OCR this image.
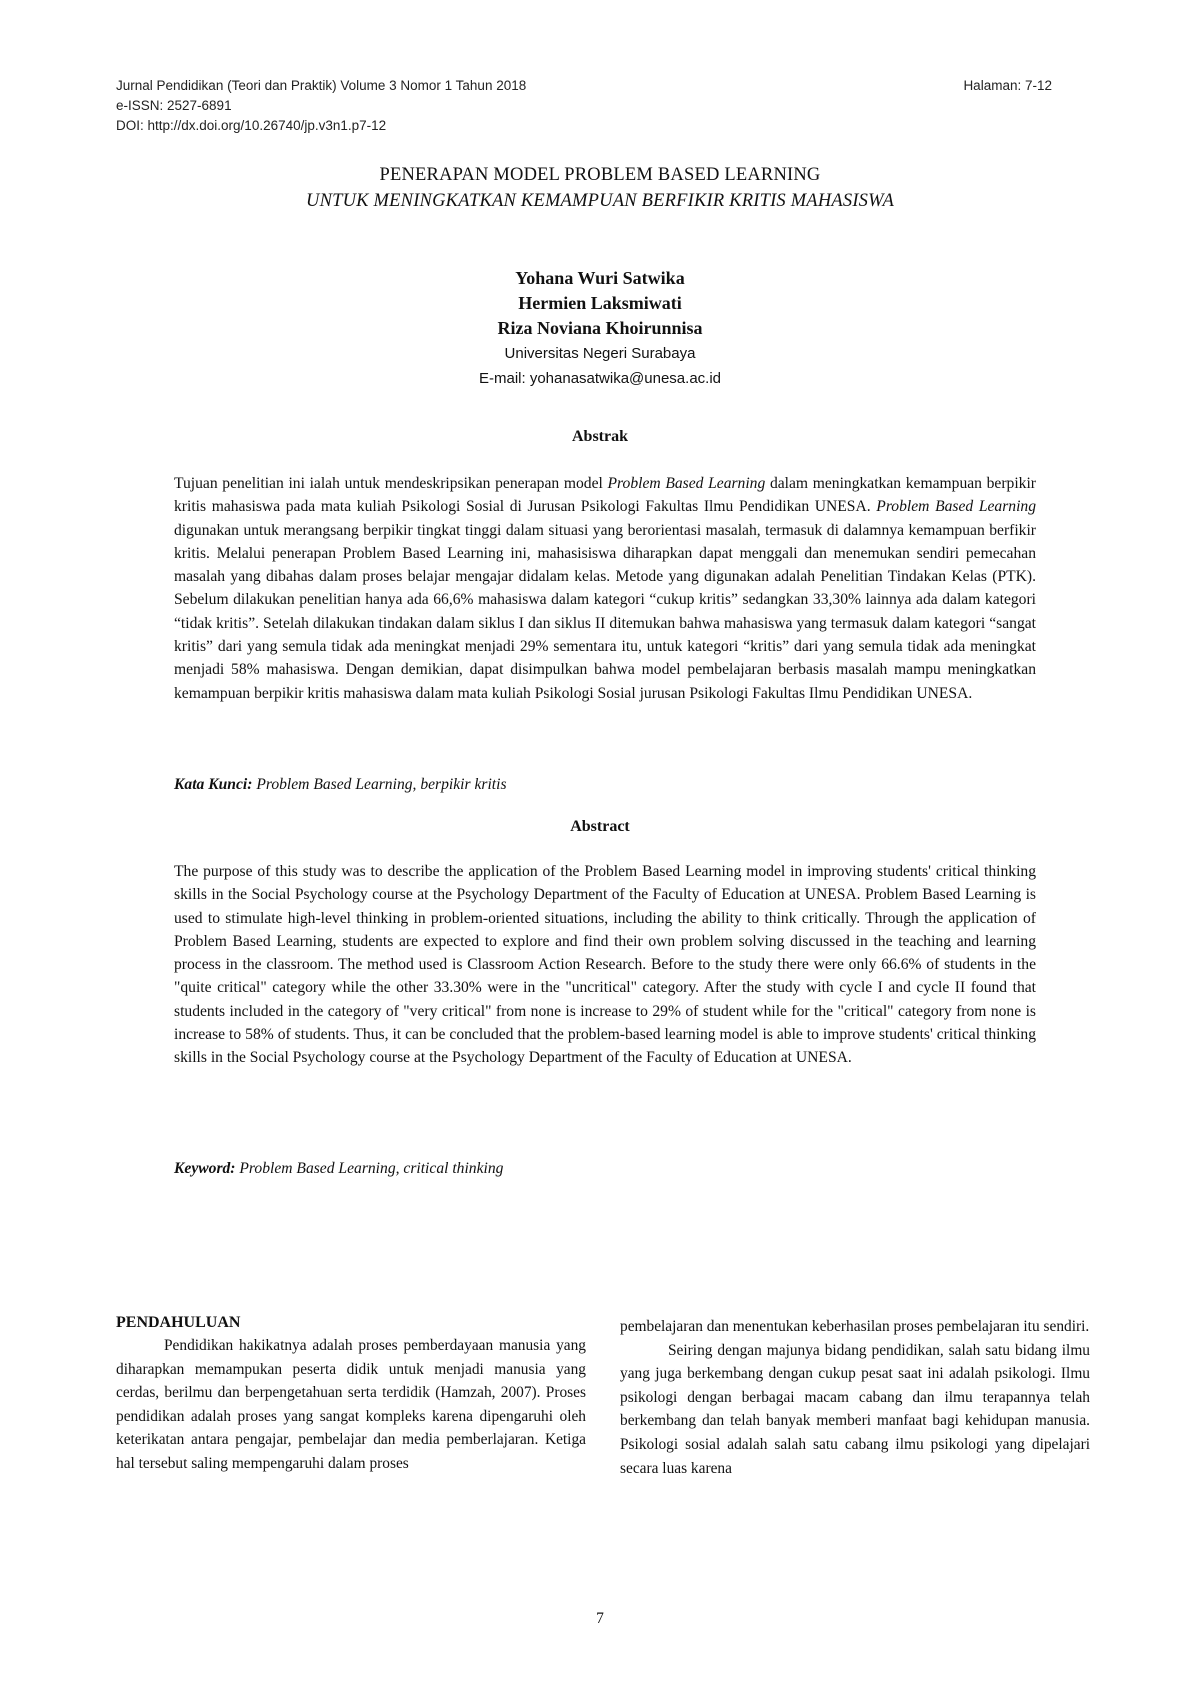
Jurnal Pendidikan (Teori dan Praktik) Volume 3 Nomor 1 Tahun 2018
e-ISSN: 2527-6891
DOI: http://dx.doi.org/10.26740/jp.v3n1.p7-12
Halaman: 7-12
PENERAPAN MODEL PROBLEM BASED LEARNING
UNTUK MENINGKATKAN KEMAMPUAN BERFIKIR KRITIS MAHASISWA
Yohana Wuri Satwika
Hermien Laksmiwati
Riza Noviana Khoirunnisa
Universitas Negeri Surabaya
E-mail: yohanasatwika@unesa.ac.id
Abstrak

Tujuan penelitian ini ialah untuk mendeskripsikan penerapan model Problem Based Learning dalam meningkatkan kemampuan berpikir kritis mahasiswa pada mata kuliah Psikologi Sosial di Jurusan Psikologi Fakultas Ilmu Pendidikan UNESA. Problem Based Learning digunakan untuk merangsang berpikir tingkat tinggi dalam situasi yang berorientasi masalah, termasuk di dalamnya kemampuan berfikir kritis. Melalui penerapan Problem Based Learning ini, mahasisiswa diharapkan dapat menggali dan menemukan sendiri pemecahan masalah yang dibahas dalam proses belajar mengajar didalam kelas. Metode yang digunakan adalah Penelitian Tindakan Kelas (PTK). Sebelum dilakukan penelitian hanya ada 66,6% mahasiswa dalam kategori “cukup kritis” sedangkan 33,30% lainnya ada dalam kategori “tidak kritis”. Setelah dilakukan tindakan dalam siklus I dan siklus II ditemukan bahwa mahasiswa yang termasuk dalam kategori “sangat kritis” dari yang semula tidak ada meningkat menjadi 29% sementara itu, untuk kategori “kritis” dari yang semula tidak ada meningkat menjadi 58% mahasiswa. Dengan demikian, dapat disimpulkan bahwa model pembelajaran berbasis masalah mampu meningkatkan kemampuan berpikir kritis mahasiswa dalam mata kuliah Psikologi Sosial jurusan Psikologi Fakultas Ilmu Pendidikan UNESA.

Kata Kunci: Problem Based Learning, berpikir kritis
Abstract

The purpose of this study was to describe the application of the Problem Based Learning model in improving students' critical thinking skills in the Social Psychology course at the Psychology Department of the Faculty of Education at UNESA. Problem Based Learning is used to stimulate high-level thinking in problem-oriented situations, including the ability to think critically. Through the application of Problem Based Learning, students are expected to explore and find their own problem solving discussed in the teaching and learning process in the classroom. The method used is Classroom Action Research. Before to the study there were only 66.6% of students in the "quite critical" category while the other 33.30% were in the "uncritical" category. After the study with cycle I and cycle II found that students included in the category of "very critical" from none is increase to 29% of student while for the "critical" category from none is increase to 58% of students. Thus, it can be concluded that the problem-based learning model is able to improve students' critical thinking skills in the Social Psychology course at the Psychology Department of the Faculty of Education at UNESA.

Keyword: Problem Based Learning, critical thinking
PENDAHULUAN

Pendidikan hakikatnya adalah proses pemberdayaan manusia yang diharapkan memampukan peserta didik untuk menjadi manusia yang cerdas, berilmu dan berpengetahuan serta terdidik (Hamzah, 2007). Proses pendidikan adalah proses yang sangat kompleks karena dipengaruhi oleh keterikatan antara pengajar, pembelajar dan media pemberlajaran. Ketiga hal tersebut saling mempengaruhi dalam proses

pembelajaran dan menentukan keberhasilan proses pembelajaran itu sendiri.

Seiring dengan majunya bidang pendidikan, salah satu bidang ilmu yang juga berkembang dengan cukup pesat saat ini adalah psikologi. Ilmu psikologi dengan berbagai macam cabang dan ilmu terapannya telah berkembang dan telah banyak memberi manfaat bagi kehidupan manusia. Psikologi sosial adalah salah satu cabang ilmu psikologi yang dipelajari secara luas karena

7
